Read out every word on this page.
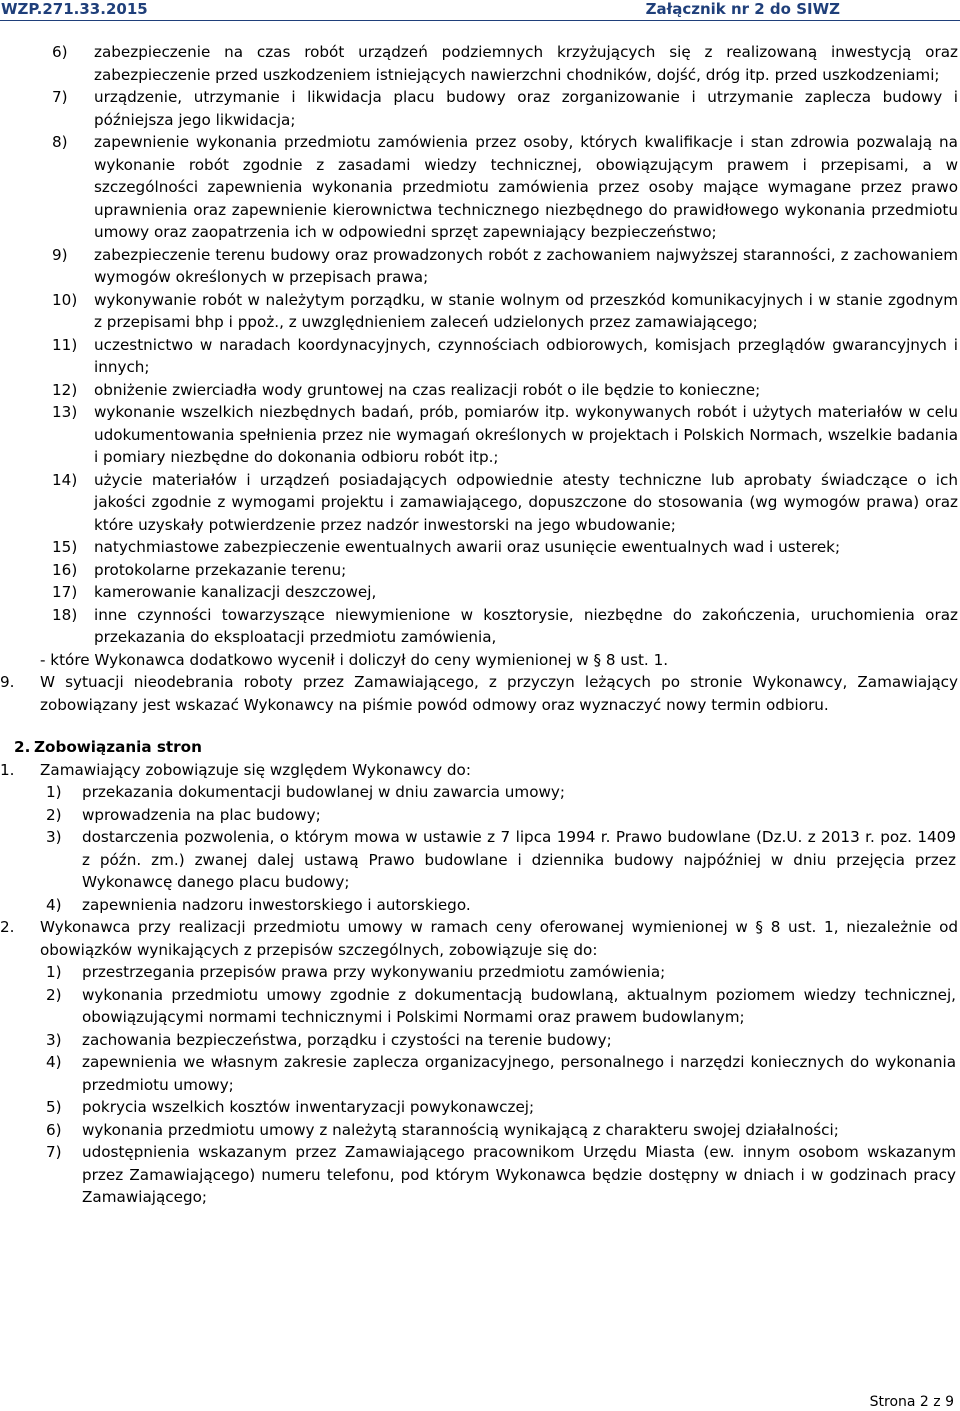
WZP.271.33.2015	Załącznik nr 2 do SIWZ
6) zabezpieczenie na czas robót urządzeń podziemnych krzyżujących się z realizowaną inwestycją oraz zabezpieczenie przed uszkodzeniem istniejących nawierzchni chodników, dojść, dróg itp. przed uszkodzeniami;
7) urządzenie, utrzymanie i likwidacja placu budowy oraz zorganizowanie i utrzymanie zaplecza budowy i późniejsza jego likwidacja;
8) zapewnienie wykonania przedmiotu zamówienia przez osoby, których kwalifikacje i stan zdrowia pozwalają na wykonanie robót zgodnie z zasadami wiedzy technicznej, obowiązującym prawem i przepisami, a w szczególności zapewnienia wykonania przedmiotu zamówienia przez osoby mające wymagane przez prawo uprawnienia oraz zapewnienie kierownictwa technicznego niezbędnego do prawidłowego wykonania przedmiotu umowy oraz zaopatrzenia ich w odpowiedni sprzęt zapewniający bezpieczeństwo;
9) zabezpieczenie terenu budowy oraz prowadzonych robót z zachowaniem najwyższej staranności, z zachowaniem wymogów określonych w przepisach prawa;
10) wykonywanie robót w należytym porządku, w stanie wolnym od przeszkód komunikacyjnych i w stanie zgodnym z przepisami bhp i ppoż., z uwzględnieniem zaleceń udzielonych przez zamawiającego;
11) uczestnictwo w naradach koordynacyjnych, czynnościach odbiorowych, komisjach przeglądów gwarancyjnych i innych;
12) obniżenie zwierciadła wody gruntowej na czas realizacji robót o ile będzie to konieczne;
13) wykonanie wszelkich niezbędnych badań, prób, pomiarów itp. wykonywanych robót i użytych materiałów w celu udokumentowania spełnienia przez nie wymagań określonych w projektach i Polskich Normach, wszelkie badania i pomiary niezbędne do dokonania odbioru robót itp.;
14) użycie materiałów i urządzeń posiadających odpowiednie atesty techniczne lub aprobaty świadczące o ich jakości zgodnie z wymogami projektu i zamawiającego, dopuszczone do stosowania (wg wymogów prawa) oraz które uzyskały potwierdzenie przez nadzór inwestorski na jego wbudowanie;
15) natychmiastowe zabezpieczenie ewentualnych awarii oraz usunięcie ewentualnych wad i usterek;
16) protokolarne przekazanie terenu;
17) kamerowanie kanalizacji deszczowej,
18) inne czynności towarzyszące niewymienione w kosztorysie, niezbędne do zakończenia, uruchomienia oraz przekazania do eksploatacji przedmiotu zamówienia,
- które Wykonawca dodatkowo wycenił i doliczył do ceny wymienionej w § 8 ust. 1.
9. W sytuacji nieodebrania roboty przez Zamawiającego, z przyczyn leżących po stronie Wykonawcy, Zamawiający zobowiązany jest wskazać Wykonawcy na piśmie powód odmowy oraz wyznaczyć nowy termin odbioru.
2. Zobowiązania stron
1. Zamawiający zobowiązuje się względem Wykonawcy do:
1) przekazania dokumentacji budowlanej w dniu zawarcia umowy;
2) wprowadzenia na plac budowy;
3) dostarczenia pozwolenia, o którym mowa w ustawie z 7 lipca 1994 r. Prawo budowlane (Dz.U. z 2013 r. poz. 1409 z późn. zm.) zwanej dalej ustawą Prawo budowlane i dziennika budowy najpóźniej w dniu przejęcia przez Wykonawcę danego placu budowy;
4) zapewnienia nadzoru inwestorskiego i autorskiego.
2. Wykonawca przy realizacji przedmiotu umowy w ramach ceny oferowanej wymienionej w § 8 ust. 1, niezależnie od obowiązków wynikających z przepisów szczególnych, zobowiązuje się do:
1) przestrzegania przepisów prawa przy wykonywaniu przedmiotu zamówienia;
2) wykonania przedmiotu umowy zgodnie z dokumentacją budowlaną, aktualnym poziomem wiedzy technicznej, obowiązującymi normami technicznymi i Polskimi Normami oraz prawem budowlanym;
3) zachowania bezpieczeństwa, porządku i czystości na terenie budowy;
4) zapewnienia we własnym zakresie zaplecza organizacyjnego, personalnego i narzędzi koniecznych do wykonania przedmiotu umowy;
5) pokrycia wszelkich kosztów inwentaryzacji powykonawczej;
6) wykonania przedmiotu umowy z należytą starannością wynikającą z charakteru swojej działalności;
7) udostępnienia wskazanym przez Zamawiającego pracownikom Urzędu Miasta (ew. innym osobom wskazanym przez Zamawiającego) numeru telefonu, pod którym Wykonawca będzie dostępny w dniach i w godzinach pracy Zamawiającego;
Strona 2 z 9
